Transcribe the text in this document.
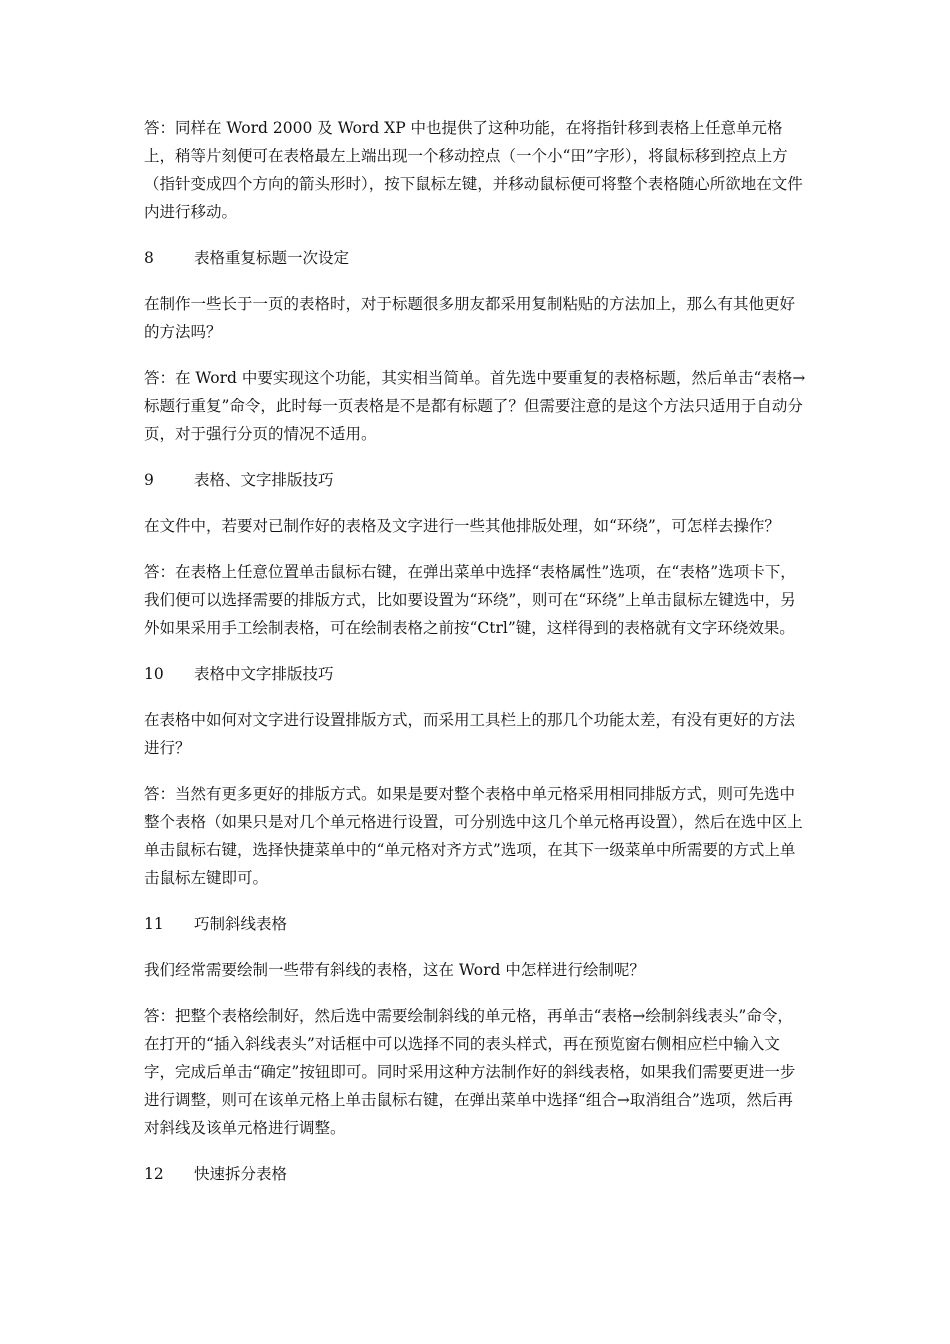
答：同样在 Word 2000 及 Word XP 中也提供了这种功能，在将指针移到表格上任意单元格上，稍等片刻便可在表格最左上端出现一个移动控点（一个小“田”字形），将鼠标移到控点上方（指针变成四个方向的箭头形时），按下鼠标左键，并移动鼠标便可将整个表格随心所欲地在文件内进行移动。

8	表格重复标题一次设定

在制作一些长于一页的表格时，对于标题很多朋友都采用复制粘贴的方法加上，那么有其他更好的方法吗？

答：在 Word 中要实现这个功能，其实相当简单。首先选中要重复的表格标题，然后单击“表格→标题行重复”命令，此时每一页表格是不是都有标题了？但需要注意的是这个方法只适用于自动分页，对于强行分页的情况不适用。

9	表格、文字排版技巧

在文件中，若要对已制作好的表格及文字进行一些其他排版处理，如“环绕”，可怎样去操作？

答：在表格上任意位置单击鼠标右键，在弹出菜单中选择“表格属性”选项，在“表格”选项卡下，我们便可以选择需要的排版方式，比如要设置为“环绕”，则可在“环绕”上单击鼠标左键选中，另外如果采用手工绘制表格，可在绘制表格之前按“Ctrl”键，这样得到的表格就有文字环绕效果。

10	表格中文字排版技巧

在表格中如何对文字进行设置排版方式，而采用工具栏上的那几个功能太差，有没有更好的方法进行？

答：当然有更多更好的排版方式。如果是要对整个表格中单元格采用相同排版方式，则可先选中整个表格（如果只是对几个单元格进行设置，可分别选中这几个单元格再设置），然后在选中区上单击鼠标右键，选择快捷菜单中的“单元格对齐方式”选项，在其下一级菜单中所需要的方式上单击鼠标左键即可。

11	巧制斜线表格

我们经常需要绘制一些带有斜线的表格，这在 Word 中怎样进行绘制呢？

答：把整个表格绘制好，然后选中需要绘制斜线的单元格，再单击“表格→绘制斜线表头”命令，在打开的“插入斜线表头”对话框中可以选择不同的表头样式，再在预览窗右侧相应栏中输入文字，完成后单击“确定”按钮即可。同时采用这种方法制作好的斜线表格，如果我们需要更进一步进行调整，则可在该单元格上单击鼠标右键，在弹出菜单中选择“组合→取消组合”选项，然后再对斜线及该单元格进行调整。

12	快速拆分表格
